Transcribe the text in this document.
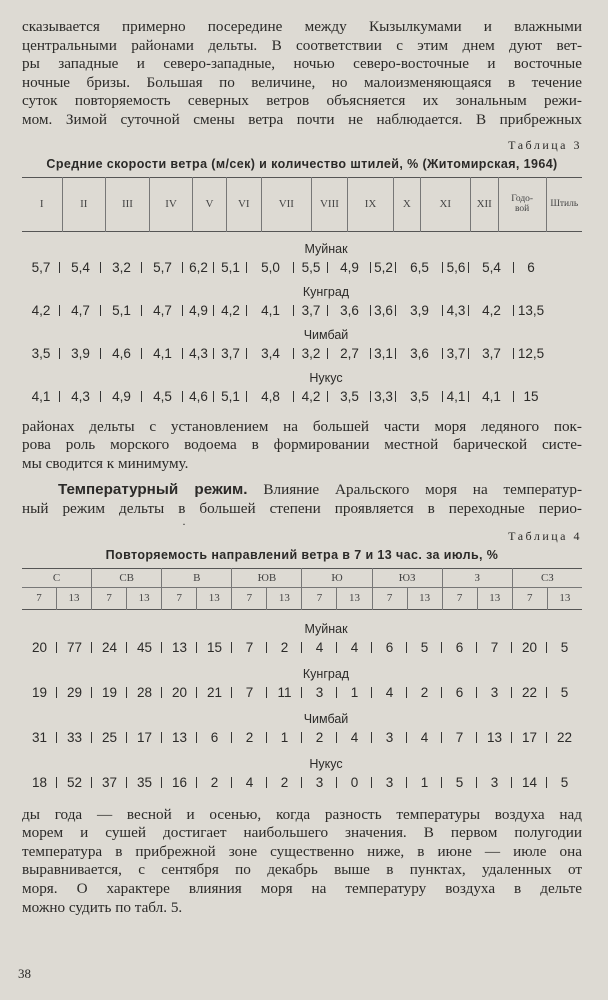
сказывается примерно посередине между Кызылкумами и влажными
центральными районами дельты. В соответствии с этим днем дуют вет-
ры западные и северо-западные, ночью северо-восточные и восточные
ночные бризы. Большая по величине, но малоизменяющаяся в течение
суток повторяемость северных ветров объясняется их зональным режи-
мом. Зимой суточной смены ветра почти не наблюдается. В прибрежных

Таблица 3
Средние скорости ветра (м/сек) и количество штилей, % (Житомирская, 1964)
I	II	III	IV	V	VI	VII	VIII	IX	X	XI	XII	Годо-
вой	Штиль
Муйнак
5,7	5,4	3,2	5,7	6,2 5,1	5,0	5,5	4,9	5,2	6,5	5,6	5,4	6
Кунград
4,2	4,7	5,1	4,7	4,9 4,2	4,1	3,7	3,6	3,6	3,9	4,3	4,2	13,5
Чимбай
3,5	3,9	4,6	4,1	4,3 3,7	3,4	3,2	2,7	3,1	3,6	3,7	3,7	12,5
Нукус
4,1	4,3	4,9	4,5	4,6 5,1	4,8	4,2	3,5	3,3	3,5	4,1	4,1	15

районах дельты с установлением на большей части моря ледяного пок-
рова роль морского водоема в формировании местной барической систе-
мы сводится к минимуму.

Температурный режим. Влияние Аральского моря на температур-
ный режим дельты в большей степени проявляется в переходные перио-

·
Таблица 4
Повторяемость направлений ветра в 7 и 13 час. за июль, %
С		СВ		В		ЮВ		Ю		ЮЗ		З		СЗ	
7	13	7	13	7	13	7	13	7	13	7	13	7	13	7	13
Муйнак
20	77	24	45	13	15	7	2	4	4	6	5	6	7	20	5
Кунград
19	29	19	28	20	21	7	11	3	1	4	2	6	3	22	5
Чимбай
31	33	25	17	13	6	2	1	2	4	3	4	7	13	17	22
Нукус
18	52	37	35	16	2	4	2	3	0	3	1	5	3	14	5

ды года — весной и осенью, когда разность температуры воздуха над
морем и сушей достигает наибольшего значения. В первом полугодии
температура в прибрежной зоне существенно ниже, в июне — июле она
выравнивается, с сентября по декабрь выше в пунктах, удаленных от
моря. О характере влияния моря на температуру воздуха в дельте
можно судить по табл. 5.

38
